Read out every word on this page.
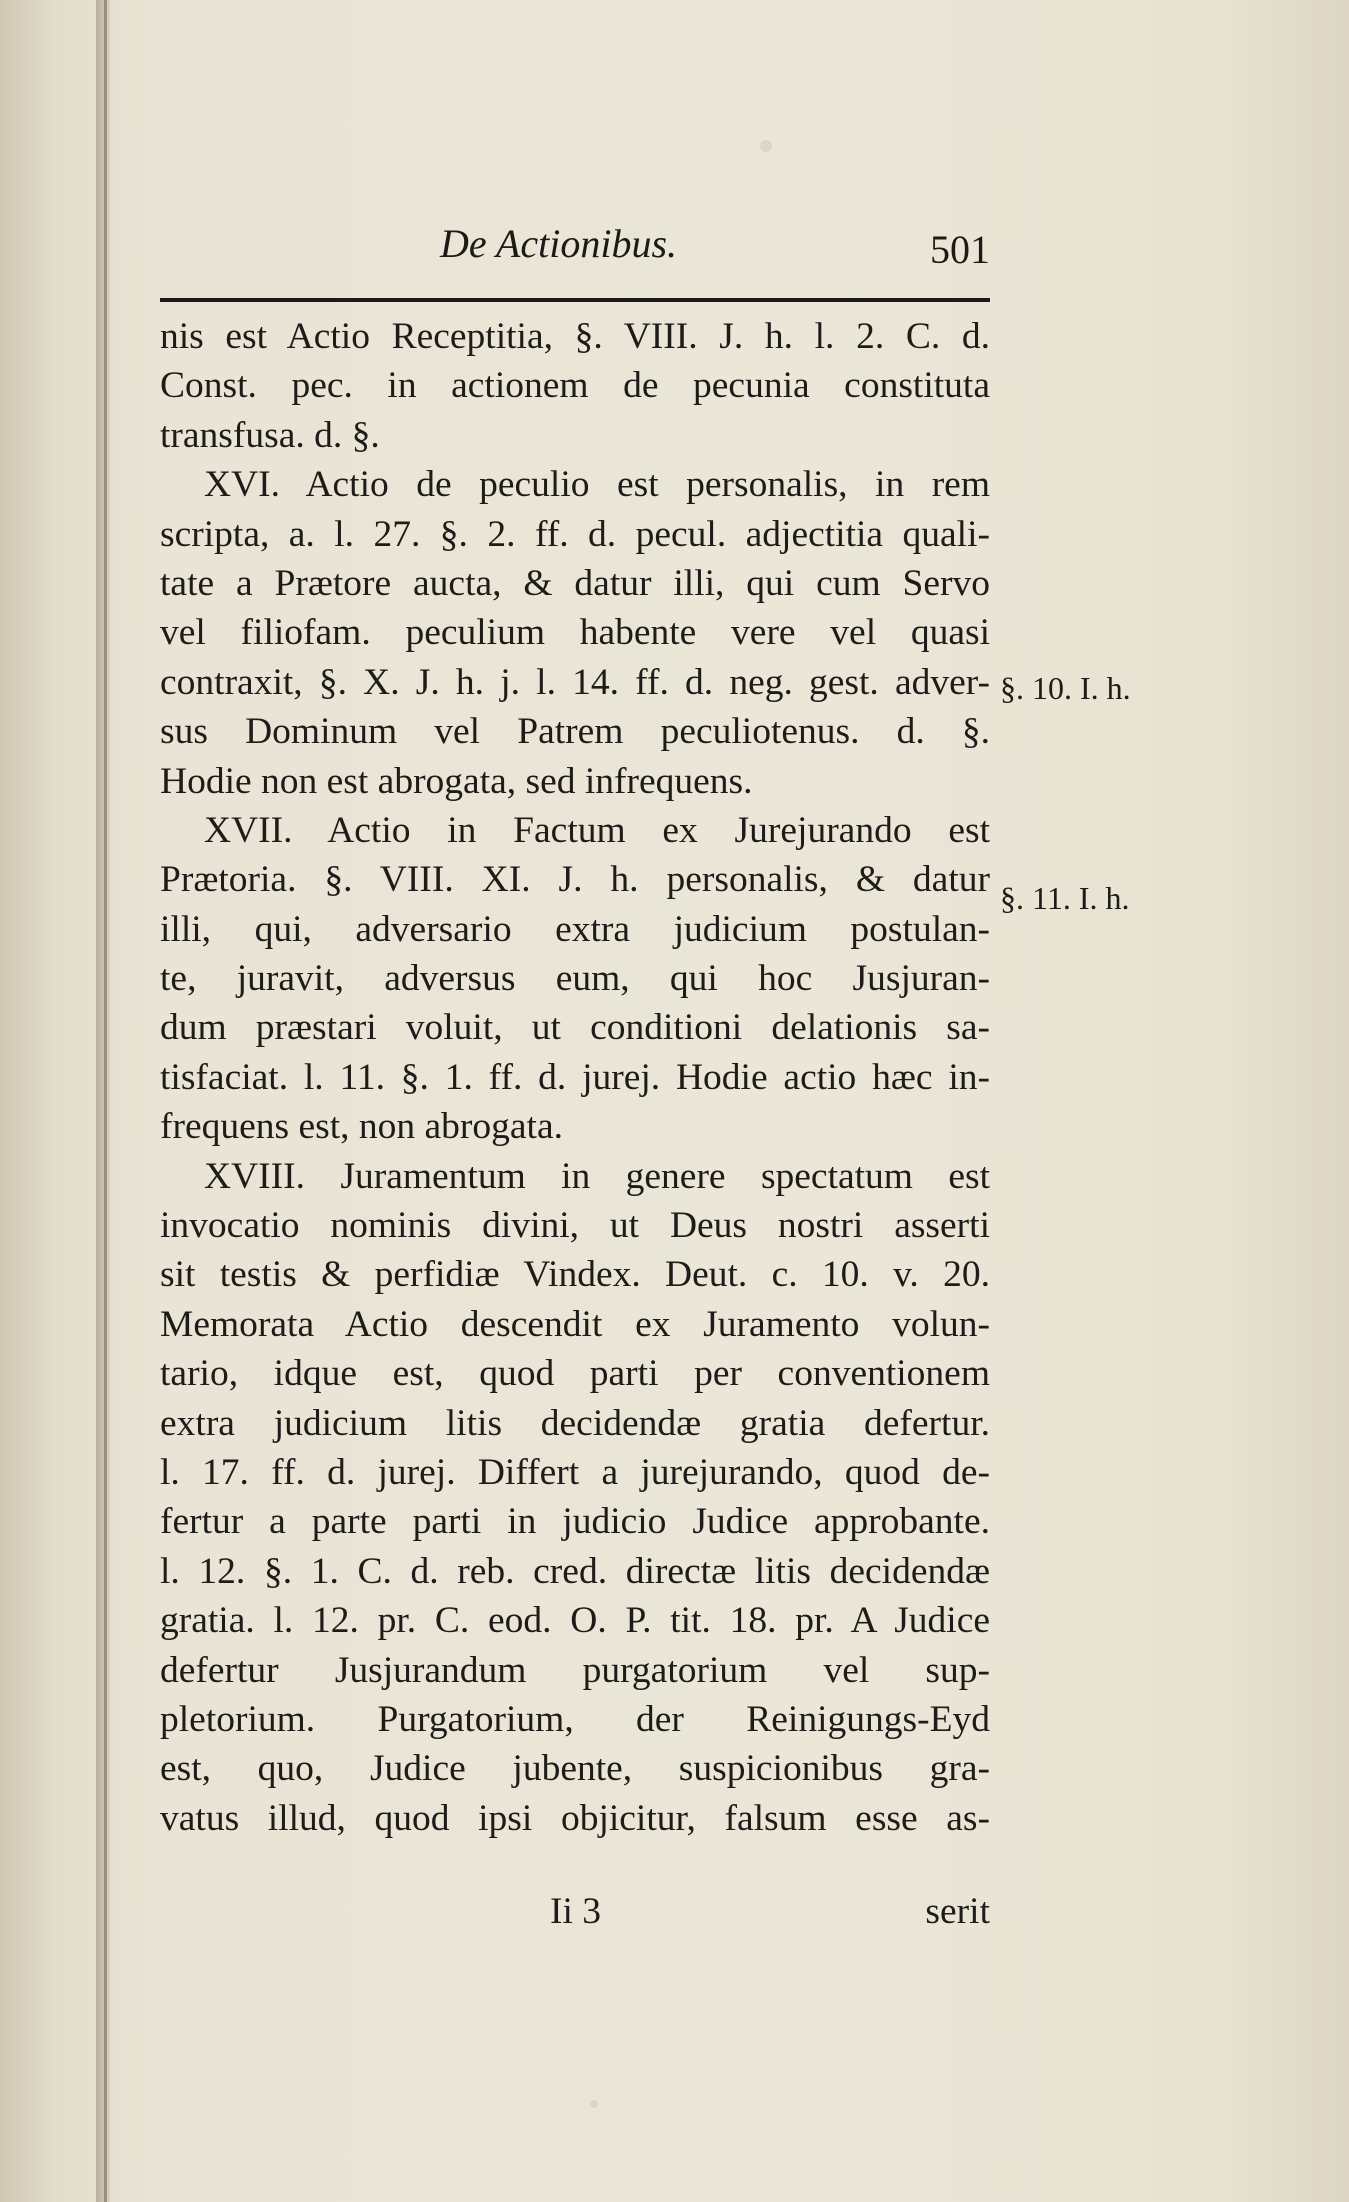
De Actionibus.	501
nis est Actio Receptitia, §. VIII. J. h. l. 2. C. d.
Const. pec. in actionem de pecunia constituta
transfusa. d. §.
XVI. Actio de peculio est personalis, in rem
scripta, a. l. 27. §. 2. ff. d. pecul. adjectitia quali-
tate a Prætore aucta, & datur illi, qui cum Servo
vel filiofam. peculium habente vere vel quasi
contraxit, §. X. J. h. j. l. 14. ff. d. neg. gest. adver-
sus Dominum vel Patrem peculiotenus. d. §.
Hodie non est abrogata, sed infrequens.
XVII. Actio in Factum ex Jurejurando est
Prætoria. §. VIII. XI. J. h. personalis, & datur
illi, qui, adversario extra judicium postulan-
te, juravit, adversus eum, qui hoc Jusjuran-
dum præstari voluit, ut conditioni delationis sa-
tisfaciat. l. 11. §. 1. ff. d. jurej. Hodie actio hæc in-
frequens est, non abrogata.
XVIII. Juramentum in genere spectatum est
invocatio nominis divini, ut Deus nostri asserti
sit testis & perfidiæ Vindex. Deut. c. 10. v. 20.
Memorata Actio descendit ex Juramento volun-
tario, idque est, quod parti per conventionem
extra judicium litis decidendæ gratia defertur.
l. 17. ff. d. jurej. Differt a jurejurando, quod de-
fertur a parte parti in judicio Judice approbante.
l. 12. §. 1. C. d. reb. cred. directæ litis decidendæ
gratia. l. 12. pr. C. eod. O. P. tit. 18. pr. A Judice
defertur Jusjurandum purgatorium vel sup-
pletorium. Purgatorium, der Reinigungs-Eyd
est, quo, Judice jubente, suspicionibus gra-
vatus illud, quod ipsi objicitur, falsum esse as-
§. 10. I. h.
§. 11. I. h.
Ii 3	serit
